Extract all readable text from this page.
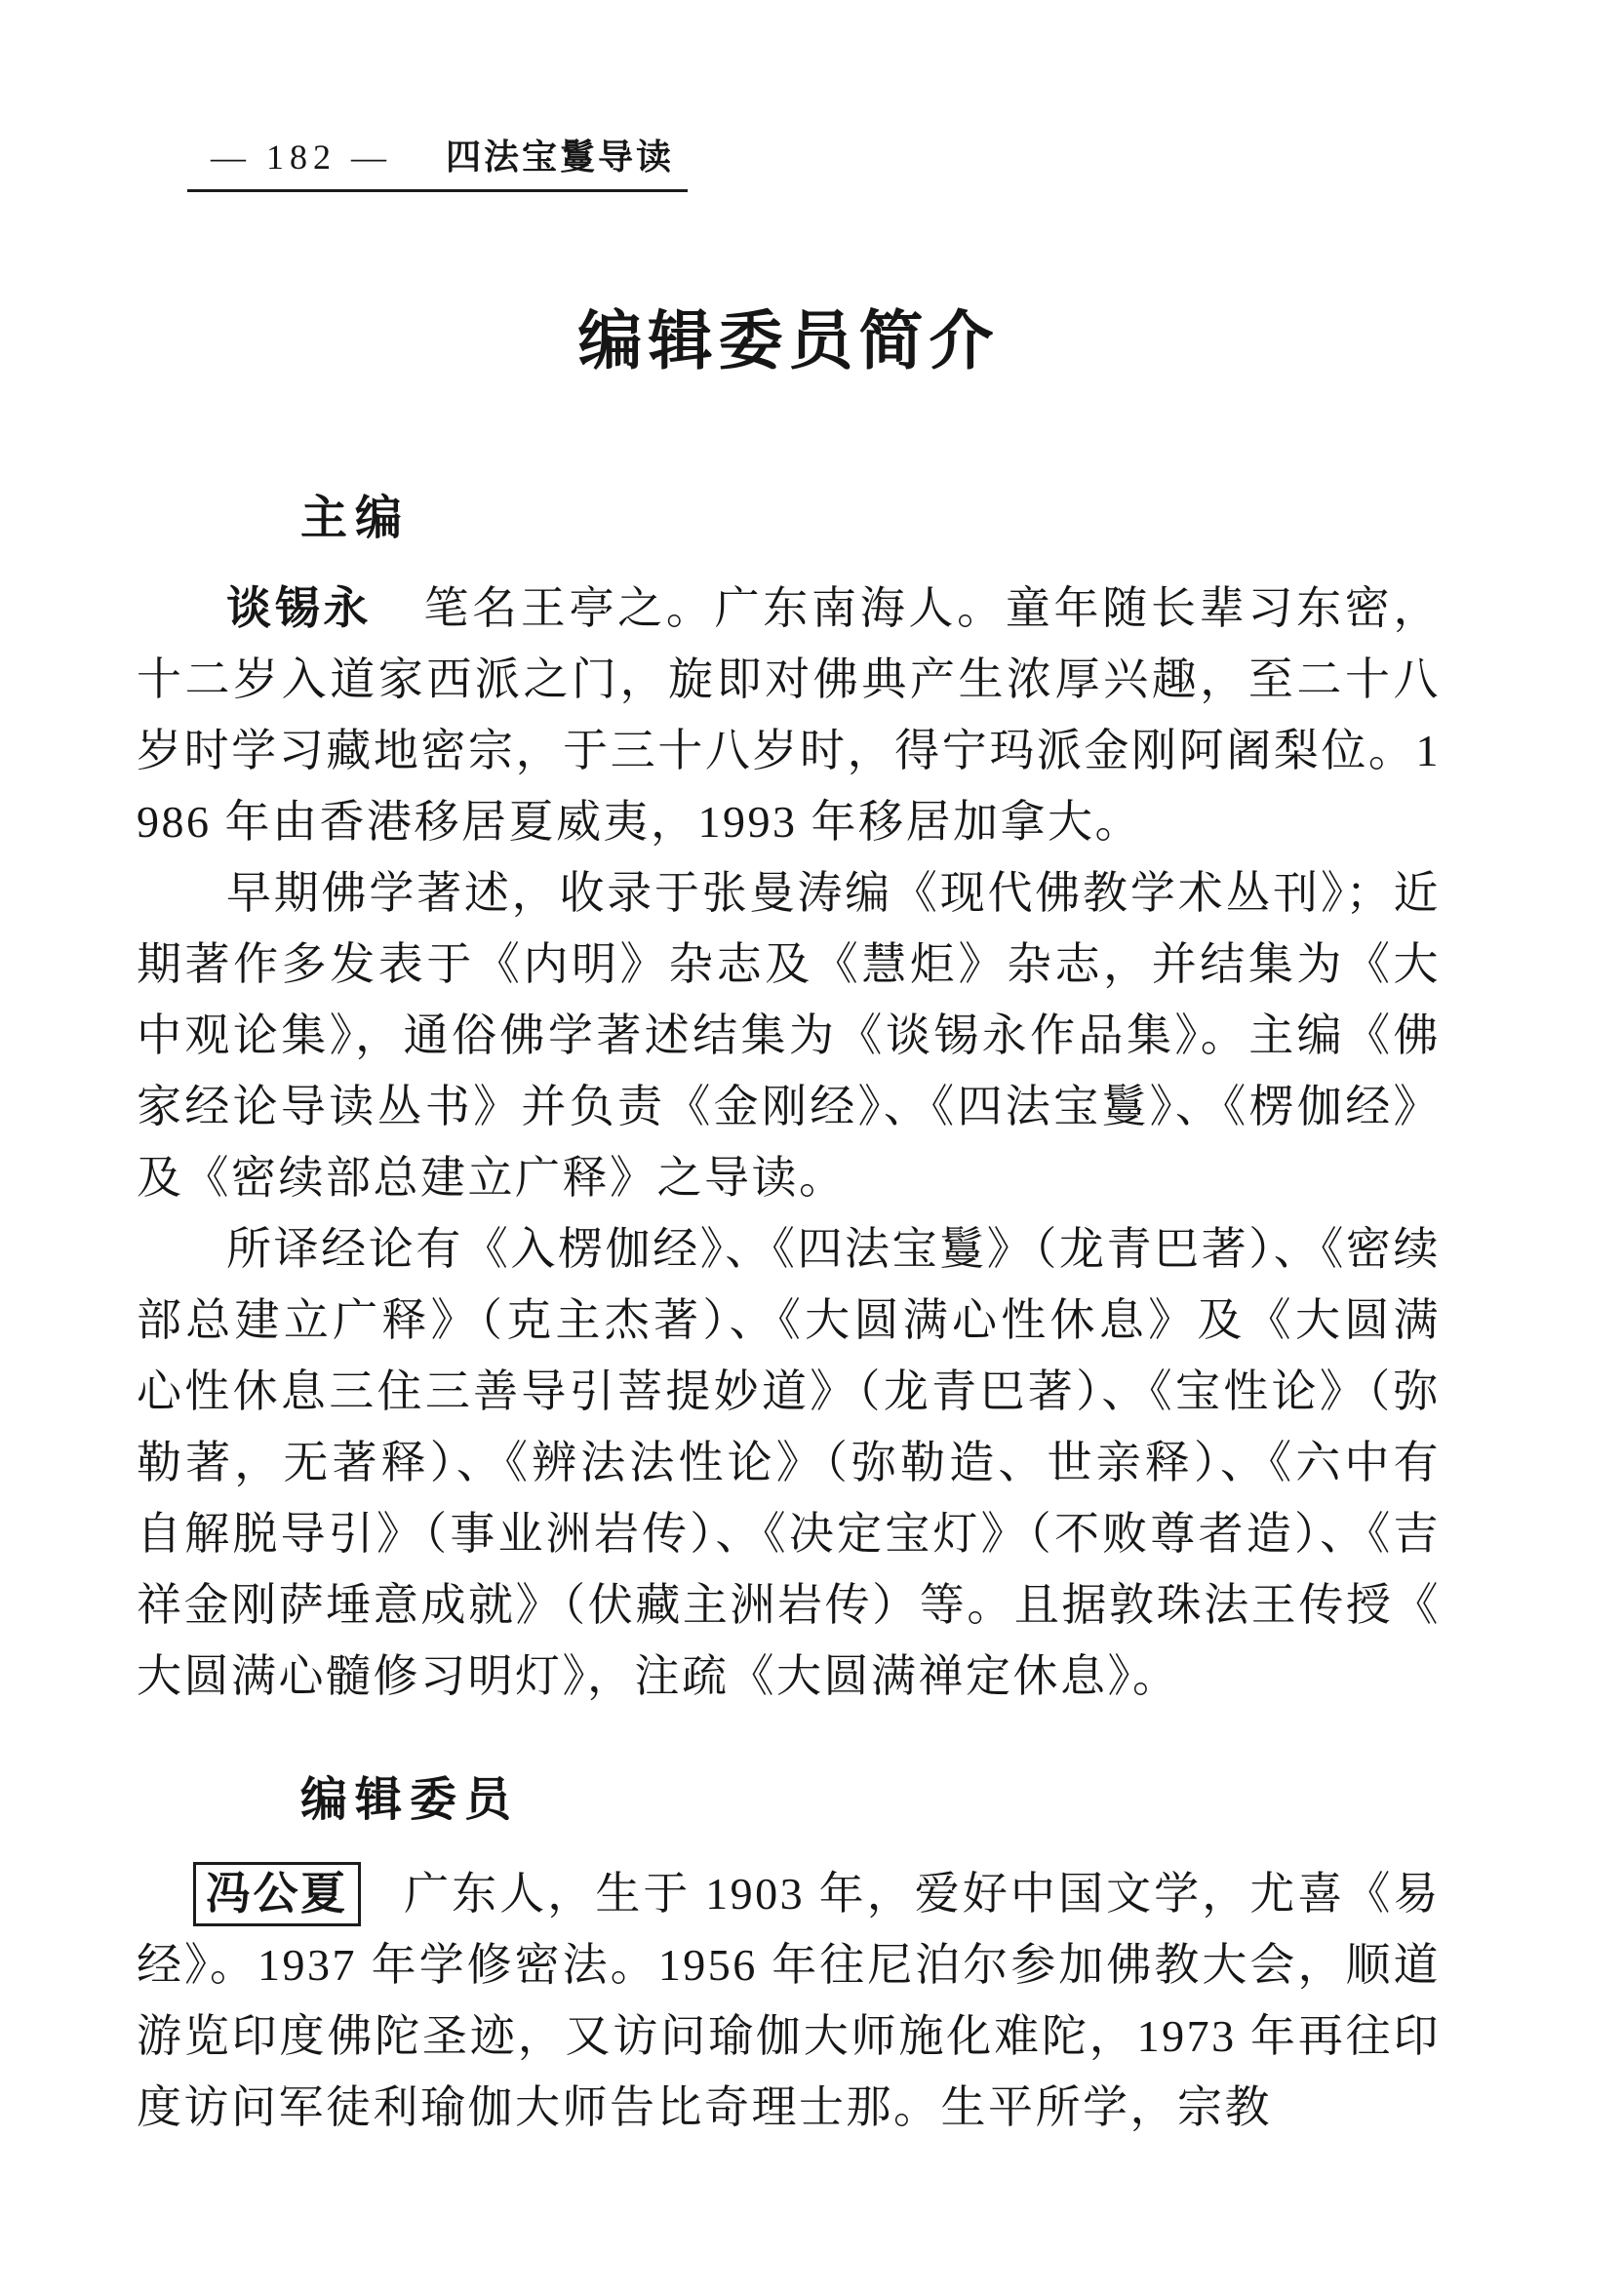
— 182 — 四法宝鬘导读
编辑委员简介
主编

谈锡永 笔名王亭之。广东南海人。童年随长辈习东密，十二岁入道家西派之门，旋即对佛典产生浓厚兴趣，至二十八岁时学习藏地密宗，于三十八岁时，得宁玛派金刚阿阇梨位。1986 年由香港移居夏威夷，1993 年移居加拿大。

早期佛学著述，收录于张曼涛编《现代佛教学术丛刊》；近期著作多发表于《内明》杂志及《慧炬》杂志，并结集为《大中观论集》，通俗佛学著述结集为《谈锡永作品集》。主编《佛家经论导读丛书》并负责《金刚经》、《四法宝鬘》、《楞伽经》及《密续部总建立广释》之导读。

所译经论有《入楞伽经》、《四法宝鬘》（龙青巴著）、《密续部总建立广释》（克主杰著）、《大圆满心性休息》及《大圆满心性休息三住三善导引菩提妙道》（龙青巴著）、《宝性论》（弥勒著，无著释）、《辨法法性论》（弥勒造、世亲释）、《六中有自解脱导引》（事业洲岩传）、《决定宝灯》（不败尊者造）、《吉祥金刚萨埵意成就》（伏藏主洲岩传）等。且据敦珠法王传授《大圆满心髓修习明灯》，注疏《大圆满禅定休息》。

编辑委员

冯公夏 广东人，生于 1903 年，爱好中国文学，尤喜《易经》。1937 年学修密法。1956 年往尼泊尔参加佛教大会，顺道游览印度佛陀圣迹，又访问瑜伽大师施化难陀，1973 年再往印度访问军徒利瑜伽大师告比奇理士那。生平所学，宗教
